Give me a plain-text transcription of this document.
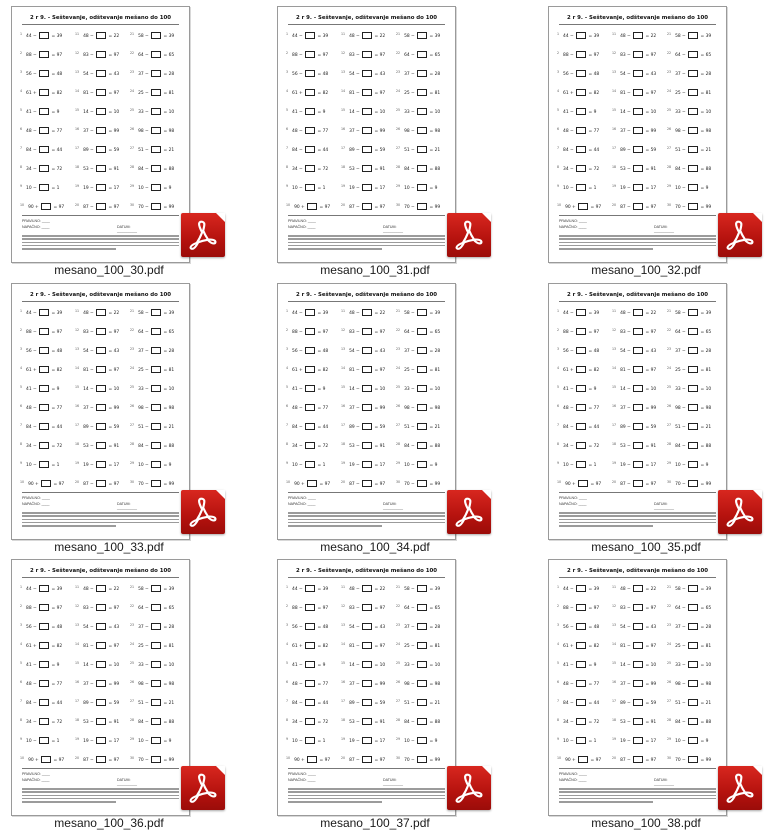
2 r 9. - Seštevanje, odštevanje mešano do 100
$^1$ 44 −	= 39	$^{11}$ 48 −	= 22	$^{21}$ 58 −	= 39
$^2$ 88 −	= 97	$^{12}$ 83 −	= 97	$^{22}$ 64 −	= 65
$^3$ 56 −	= 48	$^{13}$ 54 −	= 43	$^{23}$ 37 −	= 28
$^4$ 61 +	= 82	$^{14}$ 81 −	= 97	$^{24}$ 25 −	= 81
$^5$ 41 −	= 9	$^{15}$ 14 −	= 10	$^{25}$ 33 −	= 10
$^6$ 48 −	= 77	$^{16}$ 37 −	= 99	$^{26}$ 98 −	= 98
$^7$ 84 −	= 44	$^{17}$ 89 −	= 59	$^{27}$ 51 −	= 21
$^8$ 34 −	= 72	$^{18}$ 53 −	= 91	$^{28}$ 84 −	= 88
$^9$ 10 −	= 1	$^{19}$ 19 −	= 17	$^{29}$ 10 −	= 9
$^{10}$ 90 +	= 97	$^{20}$ 87 −	= 97	$^{30}$ 70 −	= 99
PRAVILNO: ____
NAPAČNO: ____	DATUM: __________
mesano_100_30.pdf
2 r 9. - Seštevanje, odštevanje mešano do 100
$^1$ 44 −	= 39	$^{11}$ 48 −	= 22	$^{21}$ 58 −	= 39
$^2$ 88 −	= 97	$^{12}$ 83 −	= 97	$^{22}$ 64 −	= 65
$^3$ 56 −	= 48	$^{13}$ 54 −	= 43	$^{23}$ 37 −	= 28
$^4$ 61 +	= 82	$^{14}$ 81 −	= 97	$^{24}$ 25 −	= 81
$^5$ 41 −	= 9	$^{15}$ 14 −	= 10	$^{25}$ 33 −	= 10
$^6$ 48 −	= 77	$^{16}$ 37 −	= 99	$^{26}$ 98 −	= 98
$^7$ 84 −	= 44	$^{17}$ 89 −	= 59	$^{27}$ 51 −	= 21
$^8$ 34 −	= 72	$^{18}$ 53 −	= 91	$^{28}$ 84 −	= 88
$^9$ 10 −	= 1	$^{19}$ 19 −	= 17	$^{29}$ 10 −	= 9
$^{10}$ 90 +	= 97	$^{20}$ 87 −	= 97	$^{30}$ 70 −	= 99
PRAVILNO: ____
NAPAČNO: ____	DATUM: __________
mesano_100_31.pdf
2 r 9. - Seštevanje, odštevanje mešano do 100
$^1$ 44 −	= 39	$^{11}$ 48 −	= 22	$^{21}$ 58 −	= 39
$^2$ 88 −	= 97	$^{12}$ 83 −	= 97	$^{22}$ 64 −	= 65
$^3$ 56 −	= 48	$^{13}$ 54 −	= 43	$^{23}$ 37 −	= 28
$^4$ 61 +	= 82	$^{14}$ 81 −	= 97	$^{24}$ 25 −	= 81
$^5$ 41 −	= 9	$^{15}$ 14 −	= 10	$^{25}$ 33 −	= 10
$^6$ 48 −	= 77	$^{16}$ 37 −	= 99	$^{26}$ 98 −	= 98
$^7$ 84 −	= 44	$^{17}$ 89 −	= 59	$^{27}$ 51 −	= 21
$^8$ 34 −	= 72	$^{18}$ 53 −	= 91	$^{28}$ 84 −	= 88
$^9$ 10 −	= 1	$^{19}$ 19 −	= 17	$^{29}$ 10 −	= 9
$^{10}$ 90 +	= 97	$^{20}$ 87 −	= 97	$^{30}$ 70 −	= 99
PRAVILNO: ____
NAPAČNO: ____	DATUM: __________
mesano_100_32.pdf
2 r 9. - Seštevanje, odštevanje mešano do 100
$^1$ 44 −	= 39	$^{11}$ 48 −	= 22	$^{21}$ 58 −	= 39
$^2$ 88 −	= 97	$^{12}$ 83 −	= 97	$^{22}$ 64 −	= 65
$^3$ 56 −	= 48	$^{13}$ 54 −	= 43	$^{23}$ 37 −	= 28
$^4$ 61 +	= 82	$^{14}$ 81 −	= 97	$^{24}$ 25 −	= 81
$^5$ 41 −	= 9	$^{15}$ 14 −	= 10	$^{25}$ 33 −	= 10
$^6$ 48 −	= 77	$^{16}$ 37 −	= 99	$^{26}$ 98 −	= 98
$^7$ 84 −	= 44	$^{17}$ 89 −	= 59	$^{27}$ 51 −	= 21
$^8$ 34 −	= 72	$^{18}$ 53 −	= 91	$^{28}$ 84 −	= 88
$^9$ 10 −	= 1	$^{19}$ 19 −	= 17	$^{29}$ 10 −	= 9
$^{10}$ 90 +	= 97	$^{20}$ 87 −	= 97	$^{30}$ 70 −	= 99
PRAVILNO: ____
NAPAČNO: ____	DATUM: __________
mesano_100_33.pdf
2 r 9. - Seštevanje, odštevanje mešano do 100
$^1$ 44 −	= 39	$^{11}$ 48 −	= 22	$^{21}$ 58 −	= 39
$^2$ 88 −	= 97	$^{12}$ 83 −	= 97	$^{22}$ 64 −	= 65
$^3$ 56 −	= 48	$^{13}$ 54 −	= 43	$^{23}$ 37 −	= 28
$^4$ 61 +	= 82	$^{14}$ 81 −	= 97	$^{24}$ 25 −	= 81
$^5$ 41 −	= 9	$^{15}$ 14 −	= 10	$^{25}$ 33 −	= 10
$^6$ 48 −	= 77	$^{16}$ 37 −	= 99	$^{26}$ 98 −	= 98
$^7$ 84 −	= 44	$^{17}$ 89 −	= 59	$^{27}$ 51 −	= 21
$^8$ 34 −	= 72	$^{18}$ 53 −	= 91	$^{28}$ 84 −	= 88
$^9$ 10 −	= 1	$^{19}$ 19 −	= 17	$^{29}$ 10 −	= 9
$^{10}$ 90 +	= 97	$^{20}$ 87 −	= 97	$^{30}$ 70 −	= 99
PRAVILNO: ____
NAPAČNO: ____	DATUM: __________
mesano_100_34.pdf
2 r 9. - Seštevanje, odštevanje mešano do 100
$^1$ 44 −	= 39	$^{11}$ 48 −	= 22	$^{21}$ 58 −	= 39
$^2$ 88 −	= 97	$^{12}$ 83 −	= 97	$^{22}$ 64 −	= 65
$^3$ 56 −	= 48	$^{13}$ 54 −	= 43	$^{23}$ 37 −	= 28
$^4$ 61 +	= 82	$^{14}$ 81 −	= 97	$^{24}$ 25 −	= 81
$^5$ 41 −	= 9	$^{15}$ 14 −	= 10	$^{25}$ 33 −	= 10
$^6$ 48 −	= 77	$^{16}$ 37 −	= 99	$^{26}$ 98 −	= 98
$^7$ 84 −	= 44	$^{17}$ 89 −	= 59	$^{27}$ 51 −	= 21
$^8$ 34 −	= 72	$^{18}$ 53 −	= 91	$^{28}$ 84 −	= 88
$^9$ 10 −	= 1	$^{19}$ 19 −	= 17	$^{29}$ 10 −	= 9
$^{10}$ 90 +	= 97	$^{20}$ 87 −	= 97	$^{30}$ 70 −	= 99
PRAVILNO: ____
NAPAČNO: ____	DATUM: __________
mesano_100_35.pdf
2 r 9. - Seštevanje, odštevanje mešano do 100
$^1$ 44 −	= 39	$^{11}$ 48 −	= 22	$^{21}$ 58 −	= 39
$^2$ 88 −	= 97	$^{12}$ 83 −	= 97	$^{22}$ 64 −	= 65
$^3$ 56 −	= 48	$^{13}$ 54 −	= 43	$^{23}$ 37 −	= 28
$^4$ 61 +	= 82	$^{14}$ 81 −	= 97	$^{24}$ 25 −	= 81
$^5$ 41 −	= 9	$^{15}$ 14 −	= 10	$^{25}$ 33 −	= 10
$^6$ 48 −	= 77	$^{16}$ 37 −	= 99	$^{26}$ 98 −	= 98
$^7$ 84 −	= 44	$^{17}$ 89 −	= 59	$^{27}$ 51 −	= 21
$^8$ 34 −	= 72	$^{18}$ 53 −	= 91	$^{28}$ 84 −	= 88
$^9$ 10 −	= 1	$^{19}$ 19 −	= 17	$^{29}$ 10 −	= 9
$^{10}$ 90 +	= 97	$^{20}$ 87 −	= 97	$^{30}$ 70 −	= 99
PRAVILNO: ____
NAPAČNO: ____	DATUM: __________
mesano_100_36.pdf
2 r 9. - Seštevanje, odštevanje mešano do 100
$^1$ 44 −	= 39	$^{11}$ 48 −	= 22	$^{21}$ 58 −	= 39
$^2$ 88 −	= 97	$^{12}$ 83 −	= 97	$^{22}$ 64 −	= 65
$^3$ 56 −	= 48	$^{13}$ 54 −	= 43	$^{23}$ 37 −	= 28
$^4$ 61 +	= 82	$^{14}$ 81 −	= 97	$^{24}$ 25 −	= 81
$^5$ 41 −	= 9	$^{15}$ 14 −	= 10	$^{25}$ 33 −	= 10
$^6$ 48 −	= 77	$^{16}$ 37 −	= 99	$^{26}$ 98 −	= 98
$^7$ 84 −	= 44	$^{17}$ 89 −	= 59	$^{27}$ 51 −	= 21
$^8$ 34 −	= 72	$^{18}$ 53 −	= 91	$^{28}$ 84 −	= 88
$^9$ 10 −	= 1	$^{19}$ 19 −	= 17	$^{29}$ 10 −	= 9
$^{10}$ 90 +	= 97	$^{20}$ 87 −	= 97	$^{30}$ 70 −	= 99
PRAVILNO: ____
NAPAČNO: ____	DATUM: __________
mesano_100_37.pdf
2 r 9. - Seštevanje, odštevanje mešano do 100
$^1$ 44 −	= 39	$^{11}$ 48 −	= 22	$^{21}$ 58 −	= 39
$^2$ 88 −	= 97	$^{12}$ 83 −	= 97	$^{22}$ 64 −	= 65
$^3$ 56 −	= 48	$^{13}$ 54 −	= 43	$^{23}$ 37 −	= 28
$^4$ 61 +	= 82	$^{14}$ 81 −	= 97	$^{24}$ 25 −	= 81
$^5$ 41 −	= 9	$^{15}$ 14 −	= 10	$^{25}$ 33 −	= 10
$^6$ 48 −	= 77	$^{16}$ 37 −	= 99	$^{26}$ 98 −	= 98
$^7$ 84 −	= 44	$^{17}$ 89 −	= 59	$^{27}$ 51 −	= 21
$^8$ 34 −	= 72	$^{18}$ 53 −	= 91	$^{28}$ 84 −	= 88
$^9$ 10 −	= 1	$^{19}$ 19 −	= 17	$^{29}$ 10 −	= 9
$^{10}$ 90 +	= 97	$^{20}$ 87 −	= 97	$^{30}$ 70 −	= 99
PRAVILNO: ____
NAPAČNO: ____	DATUM: __________
mesano_100_38.pdf
